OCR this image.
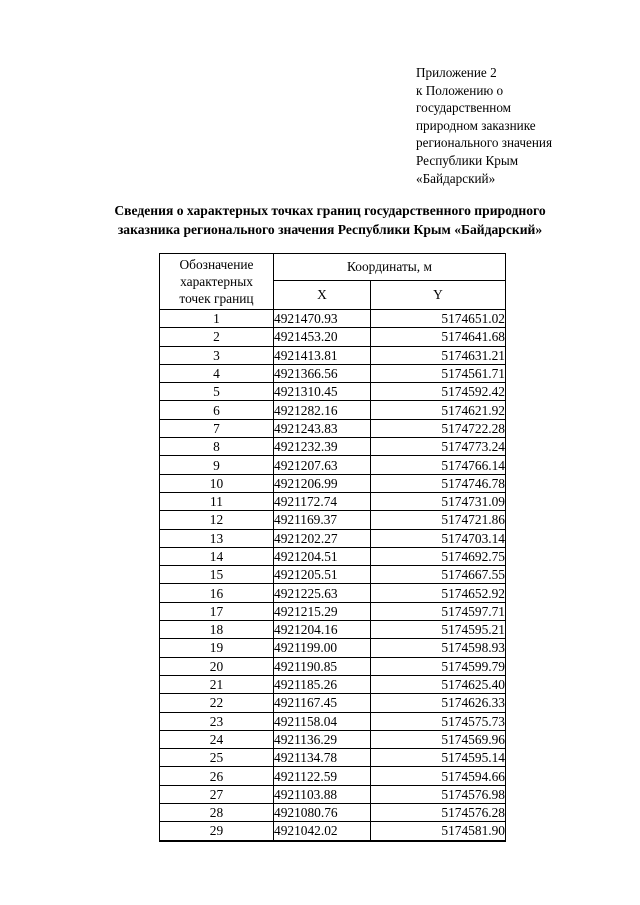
Приложение 2
к Положению о
государственном
природном заказнике
регионального значения
Республики Крым
«Байдарский»
Сведения о характерных точках границ государственного природного
заказника регионального значения Республики Крым «Байдарский»
Обозначение
характерных
точек границ	Координаты, м	
	X	Y
1	4921470.93	5174651.02
2	4921453.20	5174641.68
3	4921413.81	5174631.21
4	4921366.56	5174561.71
5	4921310.45	5174592.42
6	4921282.16	5174621.92
7	4921243.83	5174722.28
8	4921232.39	5174773.24
9	4921207.63	5174766.14
10	4921206.99	5174746.78
11	4921172.74	5174731.09
12	4921169.37	5174721.86
13	4921202.27	5174703.14
14	4921204.51	5174692.75
15	4921205.51	5174667.55
16	4921225.63	5174652.92
17	4921215.29	5174597.71
18	4921204.16	5174595.21
19	4921199.00	5174598.93
20	4921190.85	5174599.79
21	4921185.26	5174625.40
22	4921167.45	5174626.33
23	4921158.04	5174575.73
24	4921136.29	5174569.96
25	4921134.78	5174595.14
26	4921122.59	5174594.66
27	4921103.88	5174576.98
28	4921080.76	5174576.28
29	4921042.02	5174581.90
